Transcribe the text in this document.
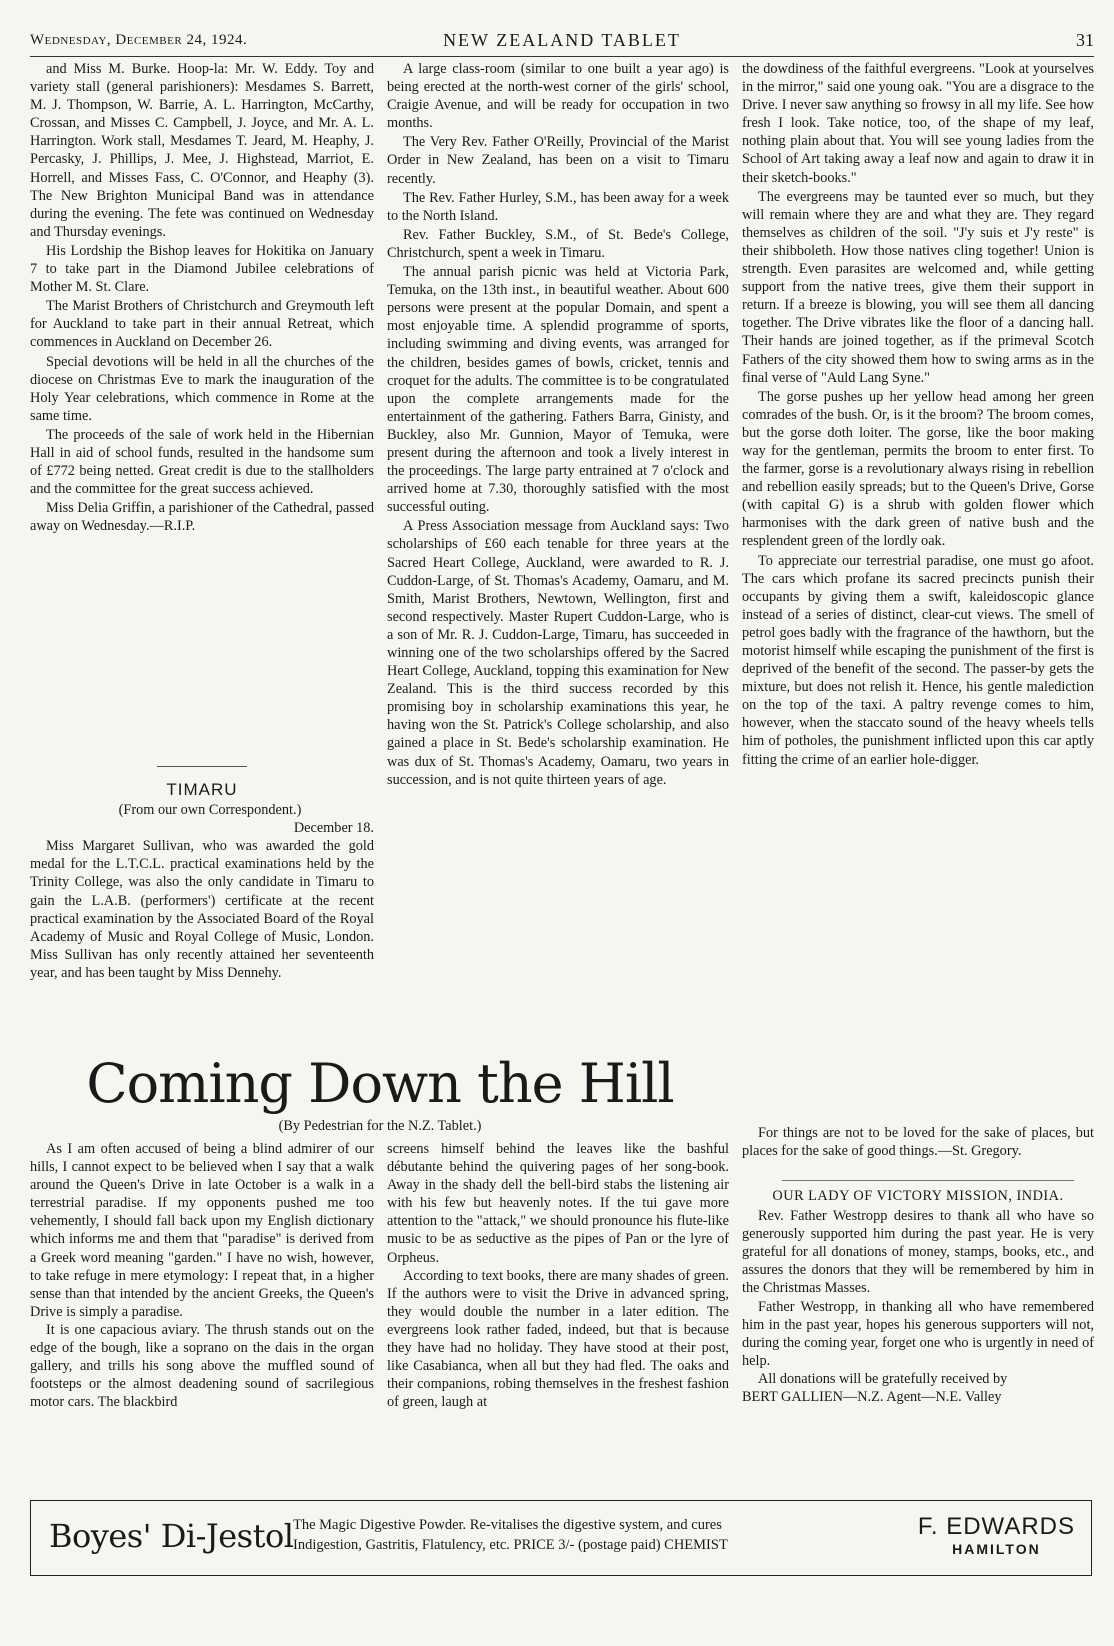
Wednesday, December 24, 1924.	NEW ZEALAND TABLET	31

and Miss M. Burke. Hoop-la: Mr. W. Eddy. Toy and variety stall (general parishioners): Mesdames S. Barrett, M. J. Thompson, W. Barrie, A. L. Harrington, McCarthy, Crossan, and Misses C. Campbell, J. Joyce, and Mr. A. L. Harrington. Work stall, Mesdames T. Jeard, M. Heaphy, J. Percasky, J. Phillips, J. Mee, J. Highstead, Marriot, E. Horrell, and Misses Fass, C. O'Connor, and Heaphy (3). The New Brighton Municipal Band was in attendance during the evening. The fete was continued on Wednesday and Thursday evenings.

His Lordship the Bishop leaves for Hokitika on January 7 to take part in the Diamond Jubilee celebrations of Mother M. St. Clare.

The Marist Brothers of Christchurch and Greymouth left for Auckland to take part in their annual Retreat, which commences in Auckland on December 26.

Special devotions will be held in all the churches of the diocese on Christmas Eve to mark the inauguration of the Holy Year celebrations, which commence in Rome at the same time.

The proceeds of the sale of work held in the Hibernian Hall in aid of school funds, resulted in the handsome sum of £772 being netted. Great credit is due to the stallholders and the committee for the great success achieved.

Miss Delia Griffin, a parishioner of the Cathedral, passed away on Wednesday.—R.I.P.

TIMARU

(From our own Correspondent.)

December 18.

Miss Margaret Sullivan, who was awarded the gold medal for the L.T.C.L. practical examinations held by the Trinity College, was also the only candidate in Timaru to gain the L.A.B. (performers') certificate at the recent practical examination by the Associated Board of the Royal Academy of Music and Royal College of Music, London. Miss Sullivan has only recently attained her seventeenth year, and has been taught by Miss Dennehy.

A large class-room (similar to one built a year ago) is being erected at the north-west corner of the girls' school, Craigie Avenue, and will be ready for occupation in two months.

The Very Rev. Father O'Reilly, Provincial of the Marist Order in New Zealand, has been on a visit to Timaru recently.

The Rev. Father Hurley, S.M., has been away for a week to the North Island.

Rev. Father Buckley, S.M., of St. Bede's College, Christchurch, spent a week in Timaru.

The annual parish picnic was held at Victoria Park, Temuka, on the 13th inst., in beautiful weather. About 600 persons were present at the popular Domain, and spent a most enjoyable time. A splendid programme of sports, including swimming and diving events, was arranged for the children, besides games of bowls, cricket, tennis and croquet for the adults. The committee is to be congratulated upon the complete arrangements made for the entertainment of the gathering. Fathers Barra, Ginisty, and Buckley, also Mr. Gunnion, Mayor of Temuka, were present during the afternoon and took a lively interest in the proceedings. The large party entrained at 7 o'clock and arrived home at 7.30, thoroughly satisfied with the most successful outing.

A Press Association message from Auckland says: Two scholarships of £60 each tenable for three years at the Sacred Heart College, Auckland, were awarded to R. J. Cuddon-Large, of St. Thomas's Academy, Oamaru, and M. Smith, Marist Brothers, Newtown, Wellington, first and second respectively. Master Rupert Cuddon-Large, who is a son of Mr. R. J. Cuddon-Large, Timaru, has succeeded in winning one of the two scholarships offered by the Sacred Heart College, Auckland, topping this examination for New Zealand. This is the third success recorded by this promising boy in scholarship examinations this year, he having won the St. Patrick's College scholarship, and also gained a place in St. Bede's scholarship examination. He was dux of St. Thomas's Academy, Oamaru, two years in succession, and is not quite thirteen years of age.

the dowdiness of the faithful evergreens. "Look at yourselves in the mirror," said one young oak. "You are a disgrace to the Drive. I never saw anything so frowsy in all my life. See how fresh I look. Take notice, too, of the shape of my leaf, nothing plain about that. You will see young ladies from the School of Art taking away a leaf now and again to draw it in their sketch-books."

The evergreens may be taunted ever so much, but they will remain where they are and what they are. They regard themselves as children of the soil. "J'y suis et J'y reste" is their shibboleth. How those natives cling together! Union is strength. Even parasites are welcomed and, while getting support from the native trees, give them their support in return. If a breeze is blowing, you will see them all dancing together. The Drive vibrates like the floor of a dancing hall. Their hands are joined together, as if the primeval Scotch Fathers of the city showed them how to swing arms as in the final verse of "Auld Lang Syne."

The gorse pushes up her yellow head among her green comrades of the bush. Or, is it the broom? The broom comes, but the gorse doth loiter. The gorse, like the boor making way for the gentleman, permits the broom to enter first. To the farmer, gorse is a revolutionary always rising in rebellion and rebellion easily spreads; but to the Queen's Drive, Gorse (with capital G) is a shrub with golden flower which harmonises with the dark green of native bush and the resplendent green of the lordly oak.

To appreciate our terrestrial paradise, one must go afoot. The cars which profane its sacred precincts punish their occupants by giving them a swift, kaleidoscopic glance instead of a series of distinct, clear-cut views. The smell of petrol goes badly with the fragrance of the hawthorn, but the motorist himself while escaping the punishment of the first is deprived of the benefit of the second. The passer-by gets the mixture, but does not relish it. Hence, his gentle malediction on the top of the taxi. A paltry revenge comes to him, however, when the staccato sound of the heavy wheels tells him of potholes, the punishment inflicted upon this car aptly fitting the crime of an earlier hole-digger.

Coming Down the Hill
(By Pedestrian for the N.Z. Tablet.)

As I am often accused of being a blind admirer of our hills, I cannot expect to be believed when I say that a walk around the Queen's Drive in late October is a walk in a terrestrial paradise. If my opponents pushed me too vehemently, I should fall back upon my English dictionary which informs me and them that "paradise" is derived from a Greek word meaning "garden." I have no wish, however, to take refuge in mere etymology: I repeat that, in a higher sense than that intended by the ancient Greeks, the Queen's Drive is simply a paradise.

It is one capacious aviary. The thrush stands out on the edge of the bough, like a soprano on the dais in the organ gallery, and trills his song above the muffled sound of footsteps or the almost deadening sound of sacrilegious motor cars. The blackbird

screens himself behind the leaves like the bashful débutante behind the quivering pages of her song-book. Away in the shady dell the bell-bird stabs the listening air with his few but heavenly notes. If the tui gave more attention to the "attack," we should pronounce his flute-like music to be as seductive as the pipes of Pan or the lyre of Orpheus.

According to text books, there are many shades of green. If the authors were to visit the Drive in advanced spring, they would double the number in a later edition. The evergreens look rather faded, indeed, but that is because they have had no holiday. They have stood at their post, like Casabianca, when all but they had fled. The oaks and their companions, robing themselves in the freshest fashion of green, laugh at

For things are not to be loved for the sake of places, but places for the sake of good things.—St. Gregory.

OUR LADY OF VICTORY MISSION, INDIA.

Rev. Father Westropp desires to thank all who have so generously supported him during the past year. He is very grateful for all donations of money, stamps, books, etc., and assures the donors that they will be remembered by him in the Christmas Masses.

Father Westropp, in thanking all who have remembered him in the past year, hopes his generous supporters will not, during the coming year, forget one who is urgently in need of help.

All donations will be gratefully received by

BERT GALLIEN—N.Z. Agent—N.E. Valley

Boyes' Di-Jestol The Magic Digestive Powder. Re-vitalises the digestive system, and cures
Indigestion, Gastritis, Flatulency, etc. PRICE 3/- (postage paid) CHEMIST
F. EDWARDS
HAMILTON
